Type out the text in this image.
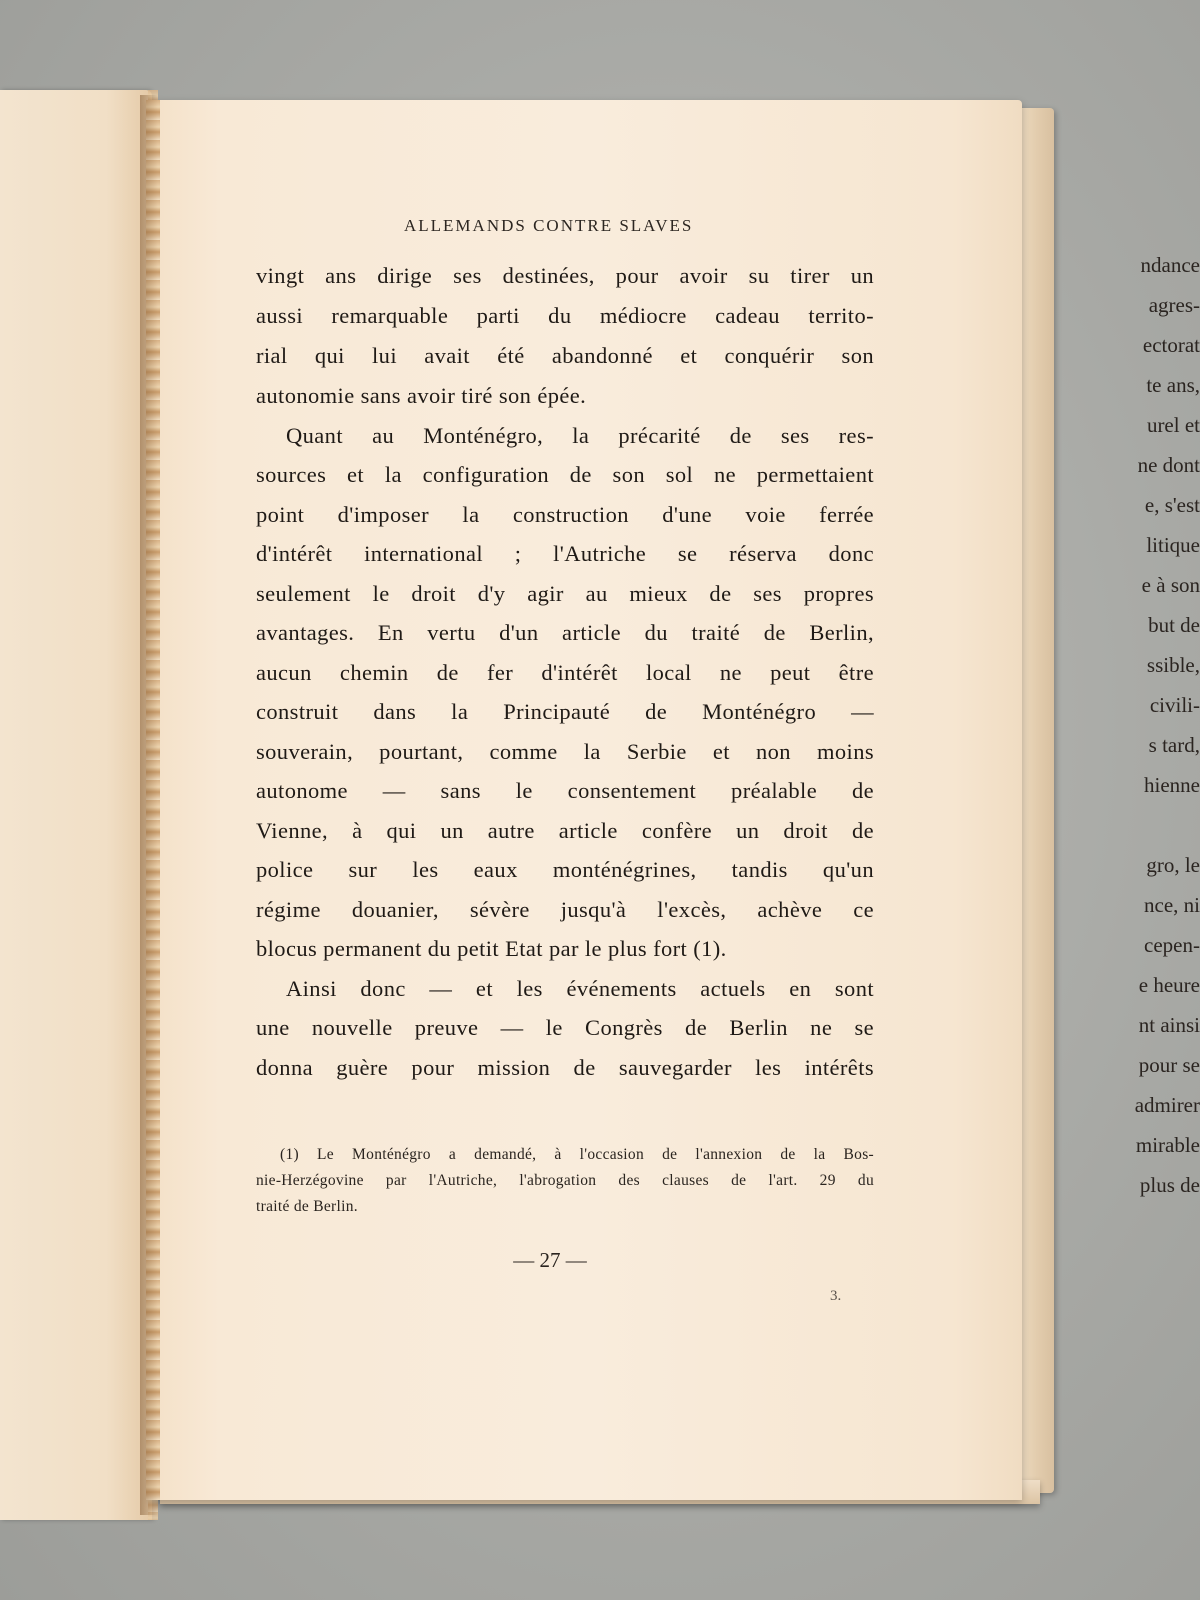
ndance
agres-
ectorat
te ans,
urel et
ne dont
e, s'est
litique
e à son
but de
ssible,
civili-
s tard,
hienne
gro, le
nce, ni
cepen-
e heure
nt ainsi
pour se
admirer
mirable
plus de
ALLEMANDS CONTRE SLAVES
vingt ans dirige ses destinées, pour avoir su tirer un
aussi remarquable parti du médiocre cadeau territo-
rial qui lui avait été abandonné et conquérir son
autonomie sans avoir tiré son épée.
Quant au Monténégro, la précarité de ses res-
sources et la configuration de son sol ne permettaient
point d'imposer la construction d'une voie ferrée
d'intérêt international ; l'Autriche se réserva donc
seulement le droit d'y agir au mieux de ses propres
avantages. En vertu d'un article du traité de Berlin,
aucun chemin de fer d'intérêt local ne peut être
construit dans la Principauté de Monténégro —
souverain, pourtant, comme la Serbie et non moins
autonome — sans le consentement préalable de
Vienne, à qui un autre article confère un droit de
police sur les eaux monténégrines, tandis qu'un
régime douanier, sévère jusqu'à l'excès, achève ce
blocus permanent du petit Etat par le plus fort (1).
Ainsi donc — et les événements actuels en sont
une nouvelle preuve — le Congrès de Berlin ne se
donna guère pour mission de sauvegarder les intérêts
(1) Le Monténégro a demandé, à l'occasion de l'annexion de la Bos-
nie-Herzégovine par l'Autriche, l'abrogation des clauses de l'art. 29 du
traité de Berlin.

— 27 —

3.
